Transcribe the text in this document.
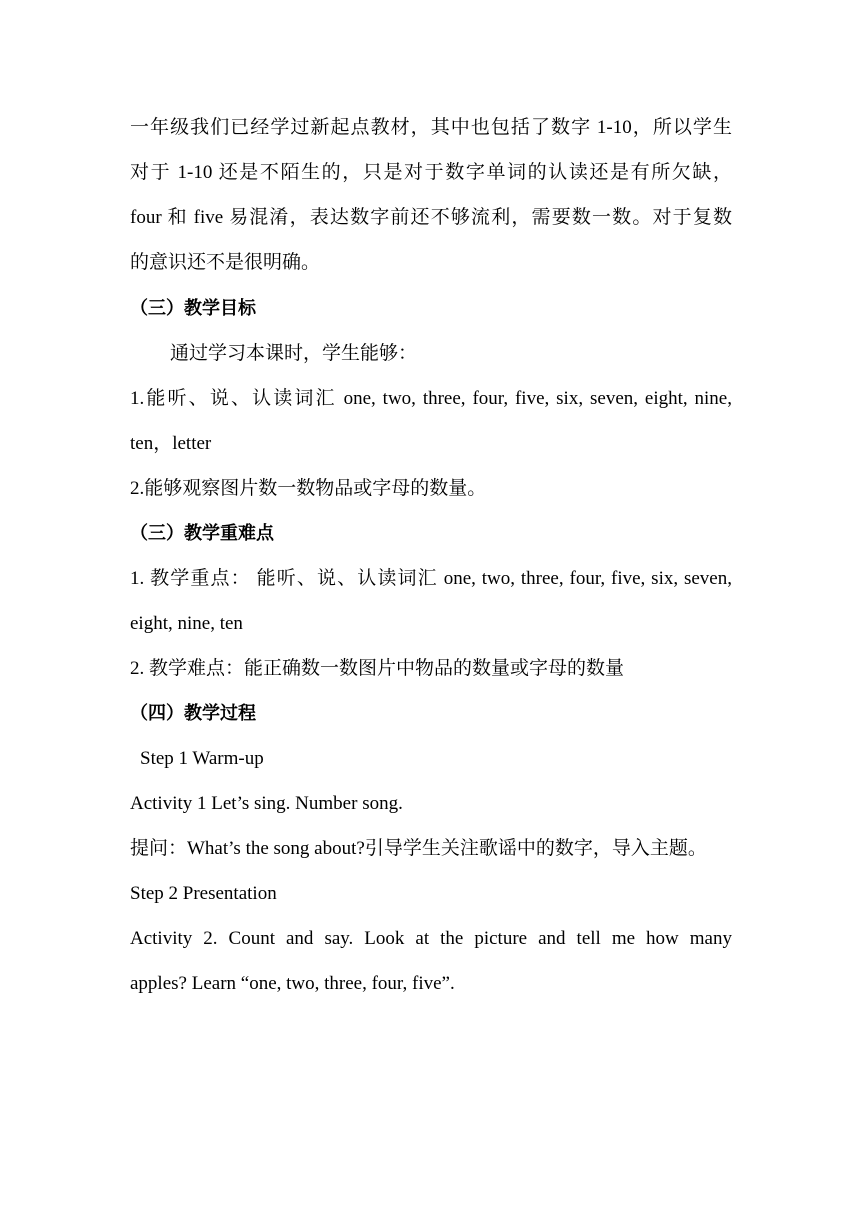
一年级我们已经学过新起点教材，其中也包括了数字 1-10，所以学生
对于 1-10 还是不陌生的，只是对于数字单词的认读还是有所欠缺，
four 和 five 易混淆，表达数字前还不够流利，需要数一数。对于复数
的意识还不是很明确。
（三）教学目标
通过学习本课时，学生能够：
1.能听、说、认读词汇 one, two, three, four, five, six, seven, eight, nine,
ten，letter
2.能够观察图片数一数物品或字母的数量。
（三）教学重难点
1. 教学重点： 能听、说、认读词汇 one, two, three, four, five, six, seven,
eight, nine, ten
2. 教学难点：能正确数一数图片中物品的数量或字母的数量
（四）教学过程
Step 1 Warm-up
Activity 1 Let’s sing. Number song.
提问：What’s the song about?引导学生关注歌谣中的数字，导入主题。
Step 2 Presentation
Activity 2. Count and say. Look at the picture and tell me how many
apples? Learn “one, two, three, four, five”.
